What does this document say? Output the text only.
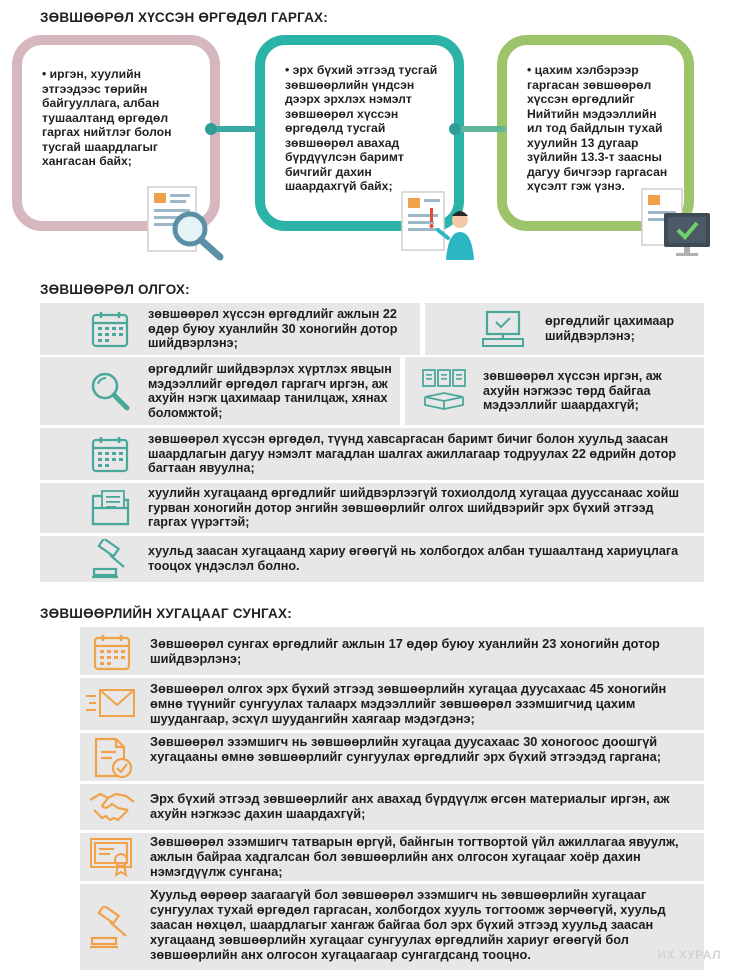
ЗӨВШӨӨРӨЛ ХҮССЭН ӨРГӨДӨЛ ГАРГАХ:
• иргэн, хуулийн этгээдээс төрийн байгууллага, албан тушаалтанд өргөдөл гаргах нийтлэг болон тусгай шаардлагыг хангасан байх;
• эрх бүхий этгээд тусгай зөвшөөрлийн үндсэн дээрх эрхлэх нэмэлт зөвшөөрөл хүссэн өргөдөлд тусгай зөвшөөрөл авахад бүрдүүлсэн баримт бичгийг дахин шаардахгүй байх;
• цахим хэлбэрээр гаргасан зөвшөөрөл хүссэн өргөдлийг Нийтийн мэдээллийн ил тод байдлын тухай хуулийн 13 дугаар зүйлийн 13.3-т заасны дагуу бичгээр гаргасан хүсэлт гэж үзнэ.
ЗӨВШӨӨРӨЛ ОЛГОХ:
зөвшөөрөл хүссэн өргөдлийг ажлын 22 өдөр буюу хуанлийн 30 хоногийн дотор шийдвэрлэнэ;
өргөдлийг цахимаар шийдвэрлэнэ;
өргөдлийг шийдвэрлэх хүртлэх явцын мэдээллийг өргөдөл гаргагч иргэн, аж ахуйн нэгж цахимаар танилцаж, хянах боломжтой;
зөвшөөрөл хүссэн иргэн, аж ахуйн нэгжээс төрд байгаа мэдээллийг шаардахгүй;
зөвшөөрөл хүссэн өргөдөл, түүнд хавсаргасан баримт бичиг болон хуульд заасан шаардлагын дагуу нэмэлт магадлан шалгах ажиллагаар тодруулах 22 өдрийн дотор багтаан явуулна;
хуулийн хугацаанд өргөдлийг шийдвэрлээгүй тохиолдолд хугацаа дууссанаас хойш гурван хоногийн дотор энгийн зөвшөөрлийг олгох шийдвэрийг эрх бүхий этгээд гаргах үүрэгтэй;
хуульд заасан хугацаанд хариу өгөөгүй нь холбогдох албан тушаалтанд хариуцлага тооцох үндэслэл болно.
ЗӨВШӨӨРЛИЙН ХУГАЦААГ СУНГАХ:
Зөвшөөрөл сунгах өргөдлийг ажлын 17 өдөр буюу хуанлийн 23 хоногийн дотор шийдвэрлэнэ;
Зөвшөөрөл олгох эрх бүхий этгээд зөвшөөрлийн хугацаа дуусахаас 45 хоногийн өмнө түүнийг сунгуулах талаарх мэдээллийг зөвшөөрөл эзэмшигчид цахим шуудангаар, эсхүл шуудангийн хаягаар мэдэгдэнэ;
Зөвшөөрөл эзэмшигч нь зөвшөөрлийн хугацаа дуусахаас 30 хоногоос доошгүй хугацааны өмнө зөвшөөрлийг сунгуулах өргөдлийг эрх бүхий этгээдэд гаргана;
Эрх бүхий этгээд зөвшөөрлийг анх авахад бүрдүүлж өгсөн материалыг иргэн, аж ахуйн нэгжээс дахин шаардахгүй;
Зөвшөөрөл эзэмшигч татварын өргүй, байнгын тогтвортой үйл ажиллагаа явуулж, ажлын байраа хадгалсан бол зөвшөөрлийн анх олгосон хугацааг хоёр дахин нэмэгдүүлж сунгана;
Хуульд өөрөөр заагаагүй бол зөвшөөрөл эзэмшигч нь зөвшөөрлийн хугацааг сунгуулах тухай өргөдөл гаргасан, холбогдох хууль тогтоомж зөрчөөгүй, хуульд заасан нөхцөл, шаардлагыг хангаж байгаа бол эрх бүхий этгээд хуульд заасан хугацаанд зөвшөөрлийн хугацааг сунгуулах өргөдлийн хариуг өгөөгүй бол зөвшөөрлийн анх олгосон хугацаагаар сунгагдсанд тооцно.	ИХ ХУРАЛ
